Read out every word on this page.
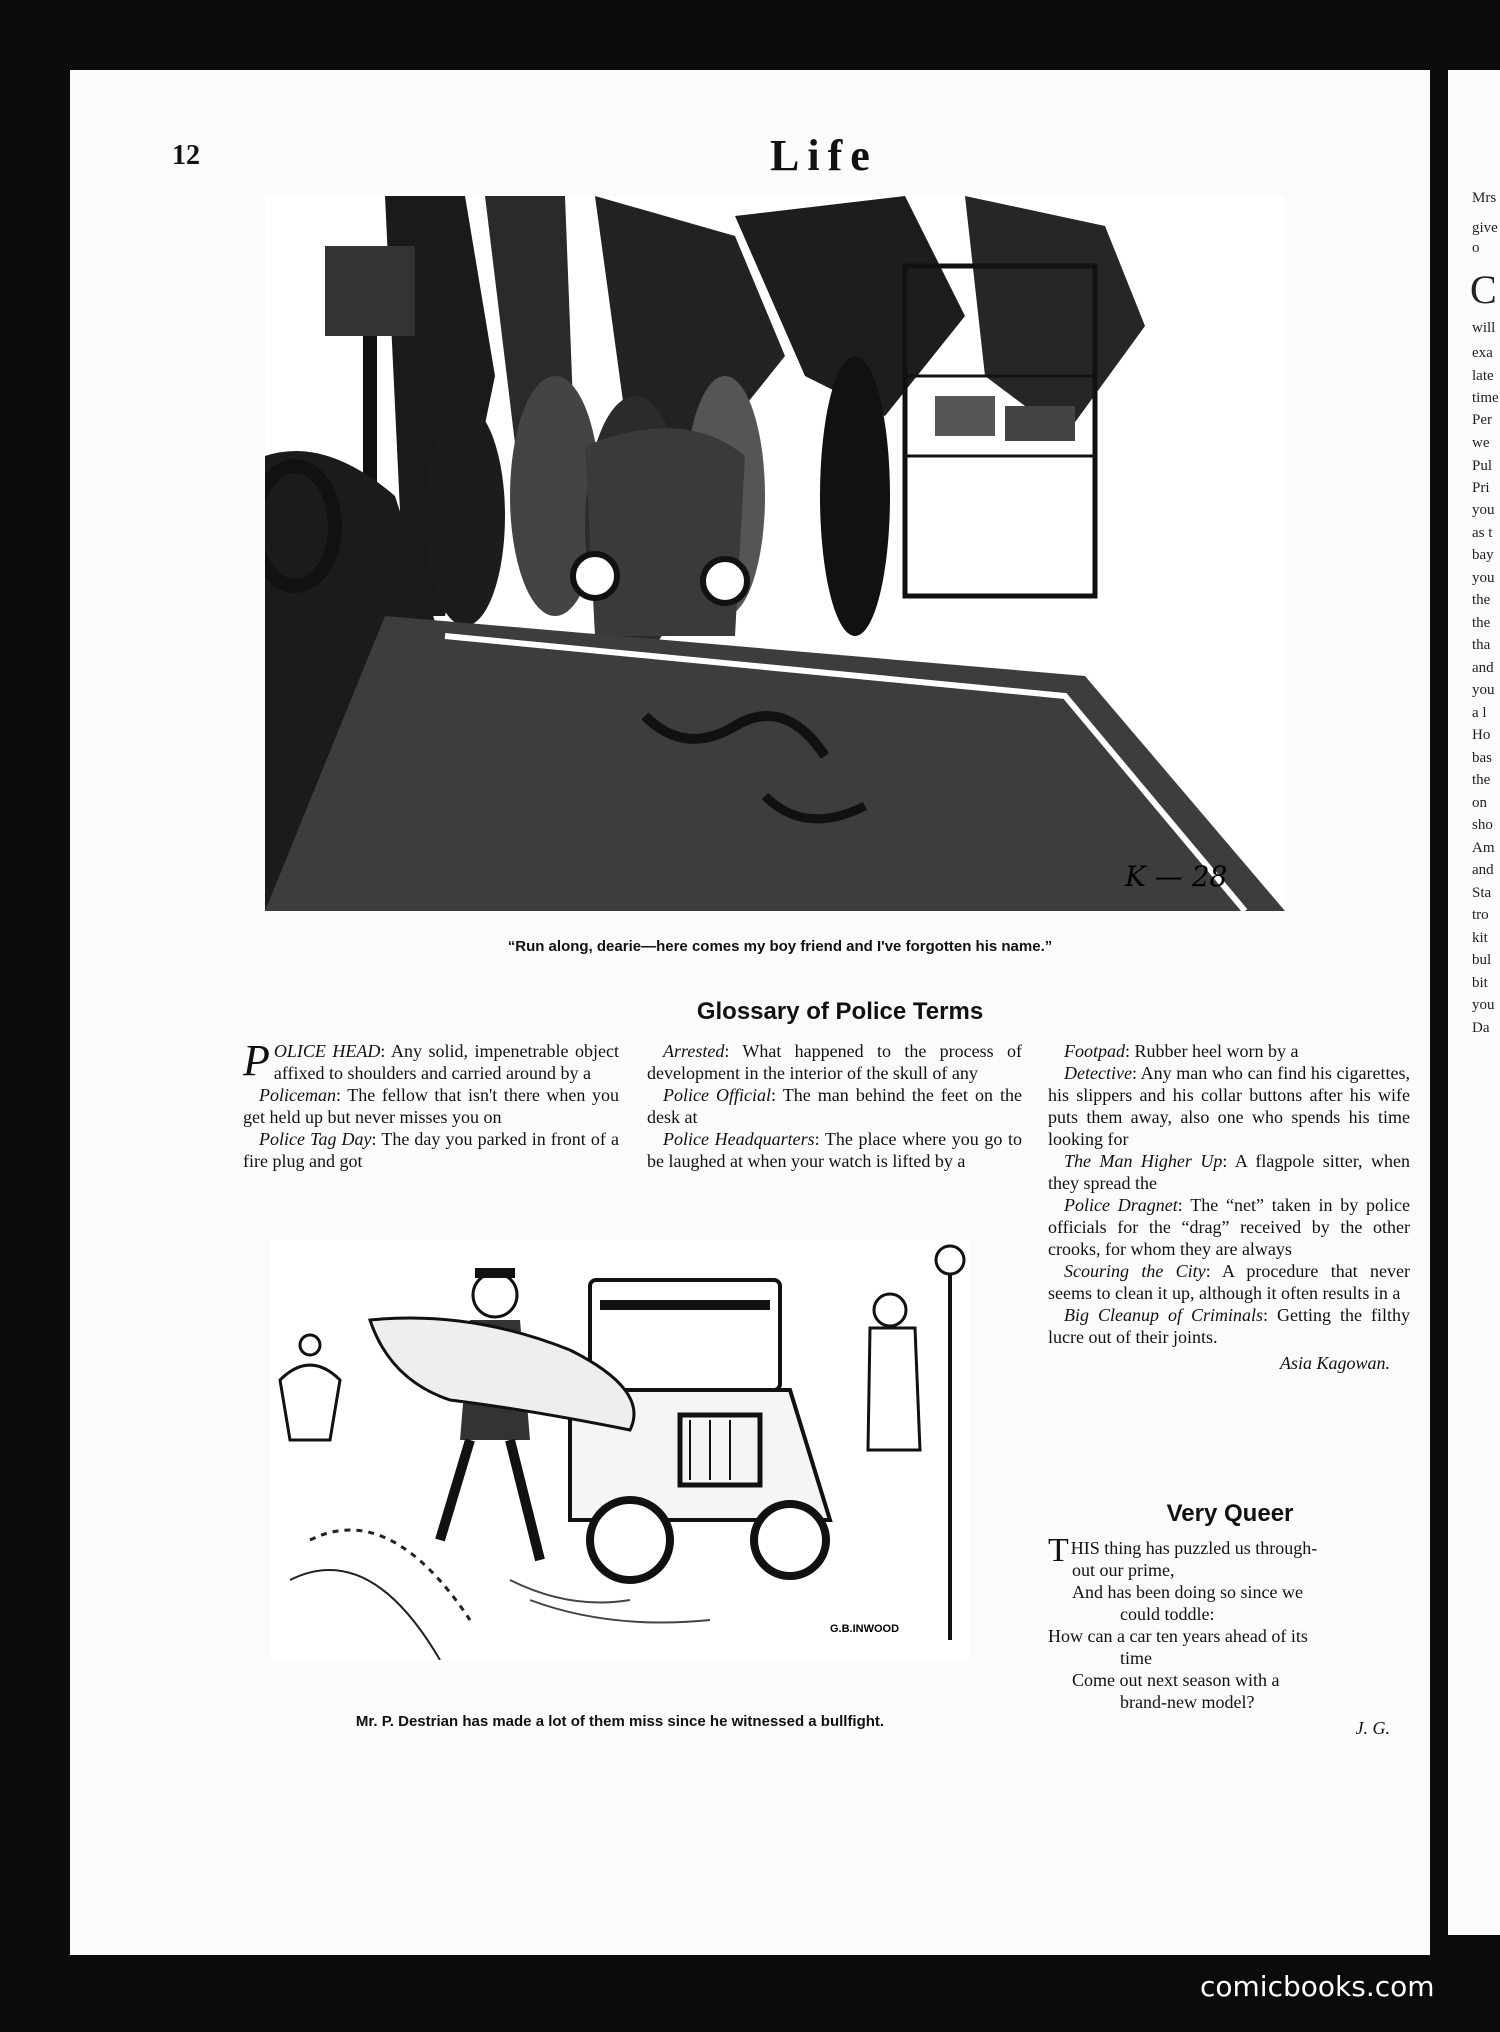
Mrs
give
o
C
will
exa
late
time
Per
we
Pul
Pri
you
as t
bay
you
the
the
tha
and
you
a l
Ho
bas
the
on
sho
Am
and
Sta
tro
kit
bul
bit
you
Da
12	Life
K — 28
“Run along, dearie—here comes my boy friend and I've forgotten his name.”
Glossary of Police Terms

POLICE HEAD: Any solid, impenetrable object affixed to shoulders and carried around by a

Policeman: The fellow that isn't there when you get held up but never misses you on

Police Tag Day: The day you parked in front of a fire plug and got

Arrested: What happened to the process of development in the interior of the skull of any

Police Official: The man behind the feet on the desk at

Police Headquarters: The place where you go to be laughed at when your watch is lifted by a

Footpad: Rubber heel worn by a

Detective: Any man who can find his cigarettes, his slippers and his collar buttons after his wife puts them away, also one who spends his time looking for

The Man Higher Up: A flagpole sitter, when they spread the

Police Dragnet: The “net” taken in by police officials for the “drag” received by the other crooks, for whom they are always

Scouring the City: A procedure that never seems to clean it up, although it often results in a

Big Cleanup of Criminals: Getting the filthy lucre out of their joints.

Asia Kagowan.
G.B.INWOOD
Mr. P. Destrian has made a lot of them miss since he witnessed a bullfight.
Very Queer
THIS thing has puzzled us through-
out our prime,
And has been doing so since we
could toddle:
How can a car ten years ahead of its
time
Come out next season with a
brand-new model?
J. G.
comicbooks.com
